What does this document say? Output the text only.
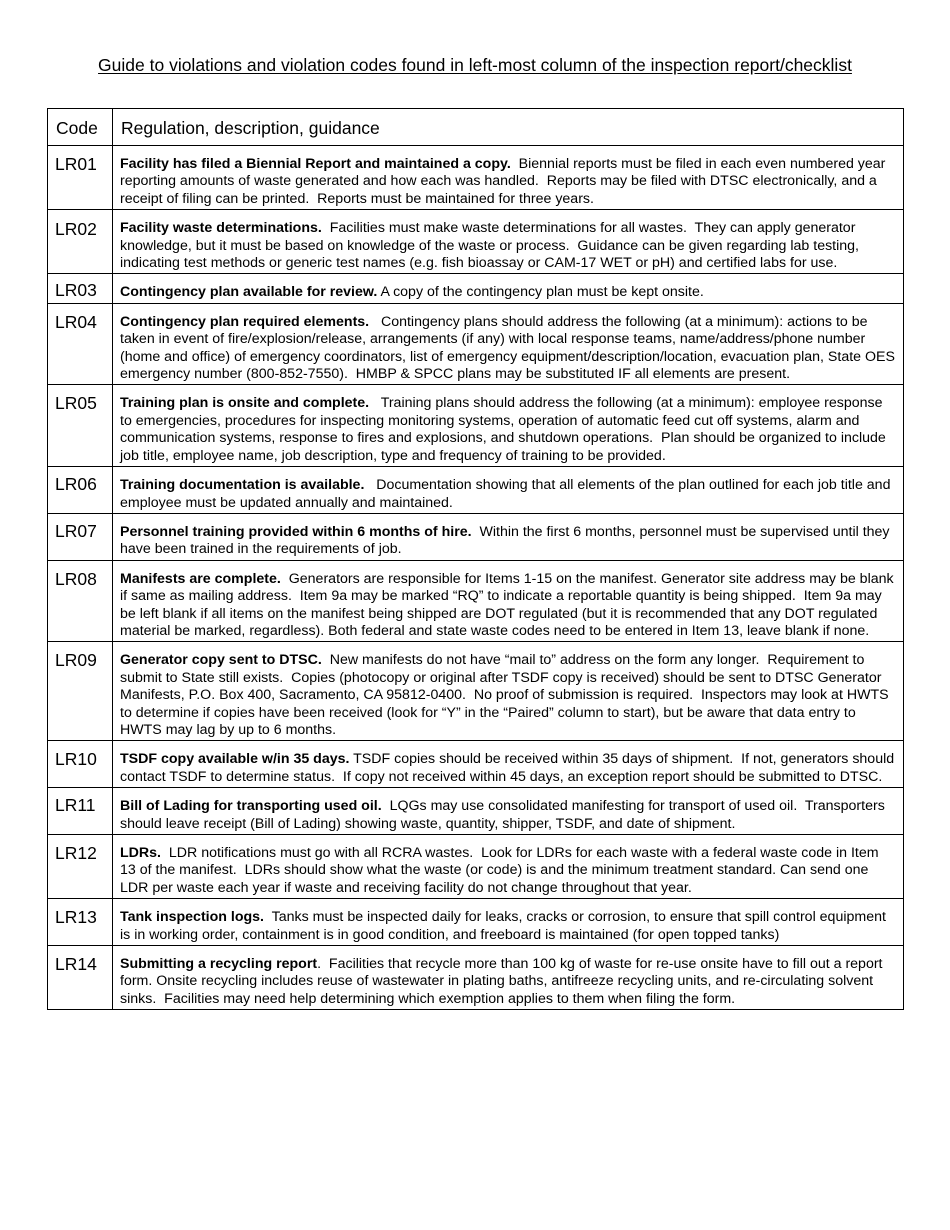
Guide to violations and violation codes found in left-most column of the inspection report/checklist
Code	Regulation, description, guidance
LR01	Facility has filed a Biennial Report and maintained a copy.  Biennial reports must be filed in each even numbered year reporting amounts of waste generated and how each was handled.  Reports may be filed with DTSC electronically, and a receipt of filing can be printed.  Reports must be maintained for three years.
LR02	Facility waste determinations.  Facilities must make waste determinations for all wastes.  They can apply generator knowledge, but it must be based on knowledge of the waste or process.  Guidance can be given regarding lab testing, indicating test methods or generic test names (e.g. fish bioassay or CAM-17 WET or pH) and certified labs for use.
LR03	Contingency plan available for review. A copy of the contingency plan must be kept onsite.
LR04	Contingency plan required elements.   Contingency plans should address the following (at a minimum): actions to be taken in event of fire/explosion/release, arrangements (if any) with local response teams, name/address/phone number (home and office) of emergency coordinators, list of emergency equipment/description/location, evacuation plan, State OES emergency number (800-852-7550).  HMBP & SPCC plans may be substituted IF all elements are present.
LR05	Training plan is onsite and complete.   Training plans should address the following (at a minimum): employee response to emergencies, procedures for inspecting monitoring systems, operation of automatic feed cut off systems, alarm and communication systems, response to fires and explosions, and shutdown operations.  Plan should be organized to include job title, employee name, job description, type and frequency of training to be provided.
LR06	Training documentation is available.   Documentation showing that all elements of the plan outlined for each job title and employee must be updated annually and maintained.
LR07	Personnel training provided within 6 months of hire.  Within the first 6 months, personnel must be supervised until they have been trained in the requirements of job.
LR08	Manifests are complete.  Generators are responsible for Items 1-15 on the manifest. Generator site address may be blank if same as mailing address.  Item 9a may be marked “RQ” to indicate a reportable quantity is being shipped.  Item 9a may be left blank if all items on the manifest being shipped are DOT regulated (but it is recommended that any DOT regulated material be marked, regardless). Both federal and state waste codes need to be entered in Item 13, leave blank if none.
LR09	Generator copy sent to DTSC.  New manifests do not have “mail to” address on the form any longer.  Requirement to submit to State still exists.  Copies (photocopy or original after TSDF copy is received) should be sent to DTSC Generator Manifests, P.O. Box 400, Sacramento, CA 95812-0400.  No proof of submission is required.  Inspectors may look at HWTS to determine if copies have been received (look for “Y” in the “Paired” column to start), but be aware that data entry to HWTS may lag by up to 6 months.
LR10	TSDF copy available w/in 35 days. TSDF copies should be received within 35 days of shipment.  If not, generators should contact TSDF to determine status.  If copy not received within 45 days, an exception report should be submitted to DTSC.
LR11	Bill of Lading for transporting used oil.  LQGs may use consolidated manifesting for transport of used oil.  Transporters should leave receipt (Bill of Lading) showing waste, quantity, shipper, TSDF, and date of shipment.
LR12	LDRs.  LDR notifications must go with all RCRA wastes.  Look for LDRs for each waste with a federal waste code in Item 13 of the manifest.  LDRs should show what the waste (or code) is and the minimum treatment standard. Can send one LDR per waste each year if waste and receiving facility do not change throughout that year.
LR13	Tank inspection logs.  Tanks must be inspected daily for leaks, cracks or corrosion, to ensure that spill control equipment is in working order, containment is in good condition, and freeboard is maintained (for open topped tanks)
LR14	Submitting a recycling report.  Facilities that recycle more than 100 kg of waste for re-use onsite have to fill out a report form. Onsite recycling includes reuse of wastewater in plating baths, antifreeze recycling units, and re-circulating solvent sinks.  Facilities may need help determining which exemption applies to them when filing the form.
